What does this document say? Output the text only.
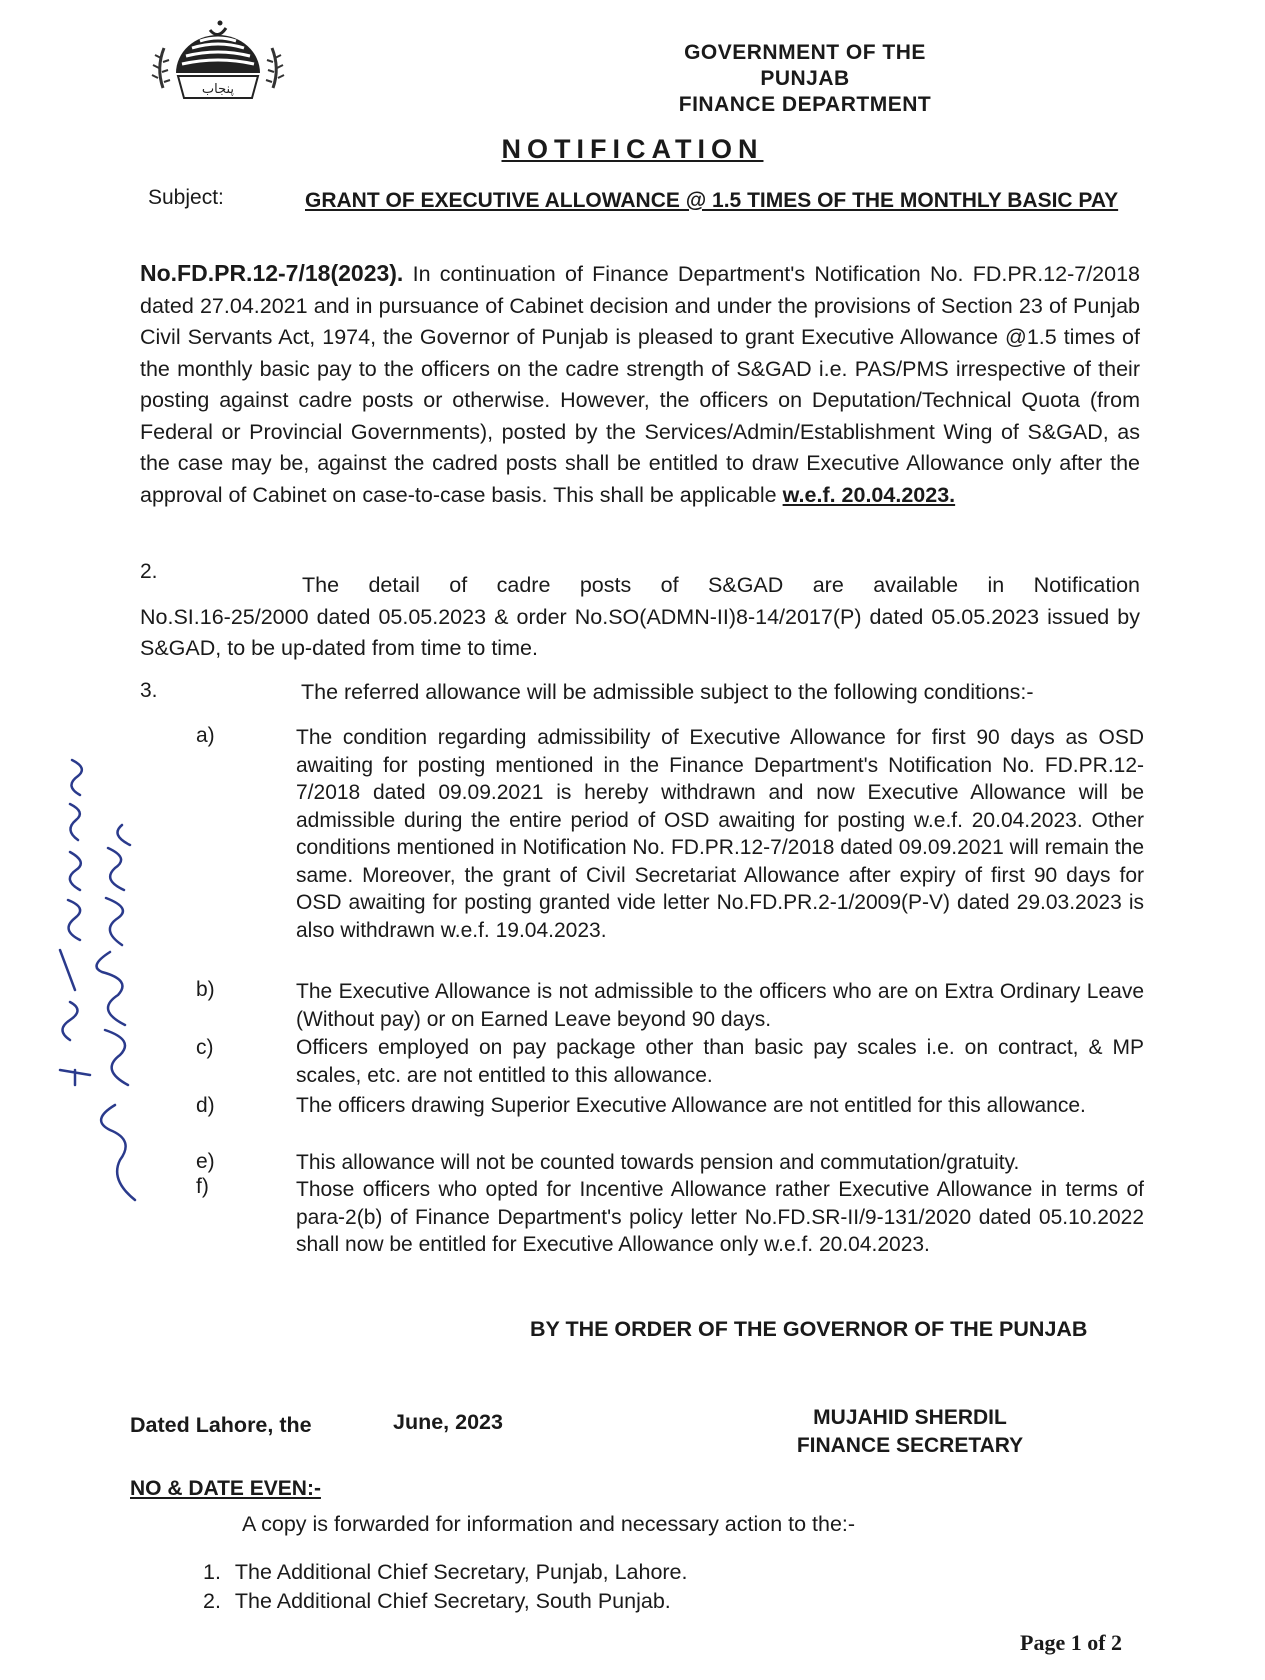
پنجاب
GOVERNMENT OF THE PUNJAB
FINANCE DEPARTMENT
NOTIFICATION
Subject:	GRANT OF EXECUTIVE ALLOWANCE @ 1.5 TIMES OF THE MONTHLY BASIC PAY
No.FD.PR.12-7/18(2023). In continuation of Finance Department's Notification No. FD.PR.12-7/2018 dated 27.04.2021 and in pursuance of Cabinet decision and under the provisions of Section 23 of Punjab Civil Servants Act, 1974, the Governor of Punjab is pleased to grant Executive Allowance @1.5 times of the monthly basic pay to the officers on the cadre strength of S&GAD i.e. PAS/PMS irrespective of their posting against cadre posts or otherwise. However, the officers on Deputation/Technical Quota (from Federal or Provincial Governments), posted by the Services/Admin/Establishment Wing of S&GAD, as the case may be, against the cadred posts shall be entitled to draw Executive Allowance only after the approval of Cabinet on case-to-case basis. This shall be applicable w.e.f. 20.04.2023.
2.
The detail of cadre posts of S&GAD are available in Notification
No.SI.16-25/2000 dated 05.05.2023 & order No.SO(ADMN-II)8-14/2017(P) dated 05.05.2023 issued by S&GAD, to be up-dated from time to time.
3.	The referred allowance will be admissible subject to the following conditions:-
a)	The condition regarding admissibility of Executive Allowance for first 90 days as OSD awaiting for posting mentioned in the Finance Department's Notification No. FD.PR.12-7/2018 dated 09.09.2021 is hereby withdrawn and now Executive Allowance will be admissible during the entire period of OSD awaiting for posting w.e.f. 20.04.2023. Other conditions mentioned in Notification No. FD.PR.12-7/2018 dated 09.09.2021 will remain the same. Moreover, the grant of Civil Secretariat Allowance after expiry of first 90 days for OSD awaiting for posting granted vide letter No.FD.PR.2-1/2009(P-V) dated 29.03.2023 is also withdrawn w.e.f. 19.04.2023.
b)	The Executive Allowance is not admissible to the officers who are on Extra Ordinary Leave (Without pay) or on Earned Leave beyond 90 days.
c)	Officers employed on pay package other than basic pay scales i.e. on contract, & MP scales, etc. are not entitled to this allowance.
d)	The officers drawing Superior Executive Allowance are not entitled for this allowance.
e)	This allowance will not be counted towards pension and commutation/gratuity.
f)	Those officers who opted for Incentive Allowance rather Executive Allowance in terms of para-2(b) of Finance Department's policy letter No.FD.SR-II/9-131/2020 dated 05.10.2022 shall now be entitled for Executive Allowance only w.e.f. 20.04.2023.
BY THE ORDER OF THE GOVERNOR OF THE PUNJAB
Dated Lahore, the	June, 2023	MUJAHID SHERDIL
FINANCE SECRETARY
NO & DATE EVEN:-
A copy is forwarded for information and necessary action to the:-
1. The Additional Chief Secretary, Punjab, Lahore.
2. The Additional Chief Secretary, South Punjab.
Page 1 of 2
